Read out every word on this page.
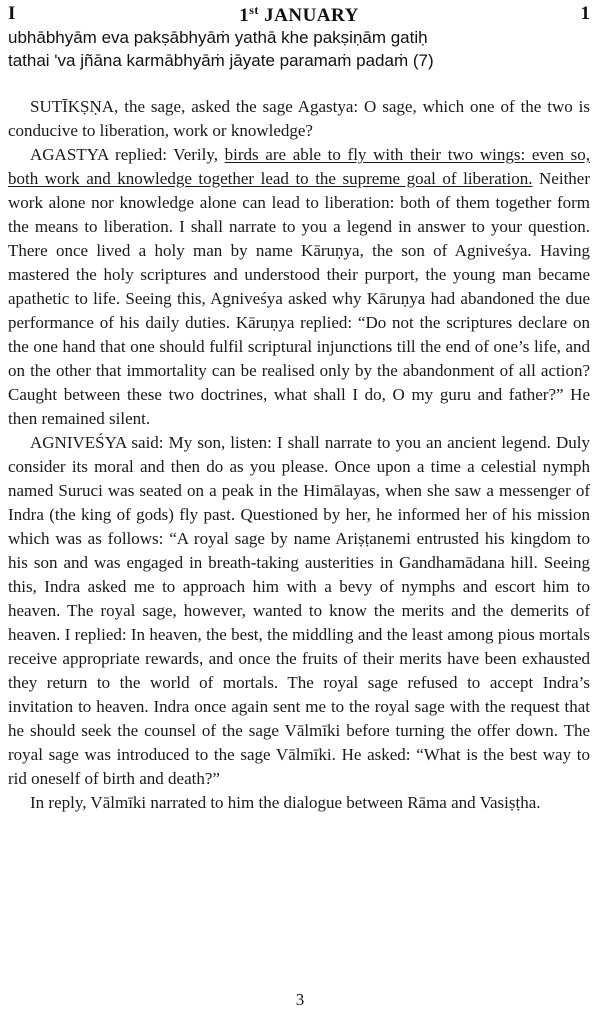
I	1st JANUARY	1
ubhābhyām eva pakṣābhyāṁ yathā khe pakṣiṇām gatiḥ
tathai 'va jñāna karmābhyāṁ jāyate paramaṁ padaṁ (7)

SUTĪKṢṆA, the sage, asked the sage Agastya: O sage, which one of the two is conducive to liberation, work or knowledge?

AGASTYA replied: Verily, birds are able to fly with their two wings: even so, both work and knowledge together lead to the supreme goal of liberation. Neither work alone nor knowledge alone can lead to liberation: both of them together form the means to liberation. I shall narrate to you a legend in answer to your question. There once lived a holy man by name Kāruṇya, the son of Agniveśya. Having mastered the holy scriptures and understood their purport, the young man became apathetic to life. Seeing this, Agniveśya asked why Kāruṇya had abandoned the due performance of his daily duties. Kāruṇya replied: “Do not the scriptures declare on the one hand that one should fulfil scriptural injunctions till the end of one’s life, and on the other that immortality can be realised only by the abandonment of all action? Caught between these two doctrines, what shall I do, O my guru and father?” He then remained silent.

AGNIVEŚYA said: My son, listen: I shall narrate to you an ancient legend. Duly consider its moral and then do as you please. Once upon a time a celestial nymph named Suruci was seated on a peak in the Himālayas, when she saw a messenger of Indra (the king of gods) fly past. Questioned by her, he informed her of his mission which was as follows: “A royal sage by name Ariṣṭanemi entrusted his kingdom to his son and was engaged in breath-taking austerities in Gandhamādana hill. Seeing this, Indra asked me to approach him with a bevy of nymphs and escort him to heaven. The royal sage, however, wanted to know the merits and the demerits of heaven. I replied: In heaven, the best, the middling and the least among pious mortals receive appropriate rewards, and once the fruits of their merits have been exhausted they return to the world of mortals. The royal sage refused to accept Indra’s invitation to heaven. Indra once again sent me to the royal sage with the request that he should seek the counsel of the sage Vālmīki before turning the offer down. The royal sage was introduced to the sage Vālmīki. He asked: “What is the best way to rid oneself of birth and death?”

In reply, Vālmīki narrated to him the dialogue between Rāma and Vasiṣṭha.

3
